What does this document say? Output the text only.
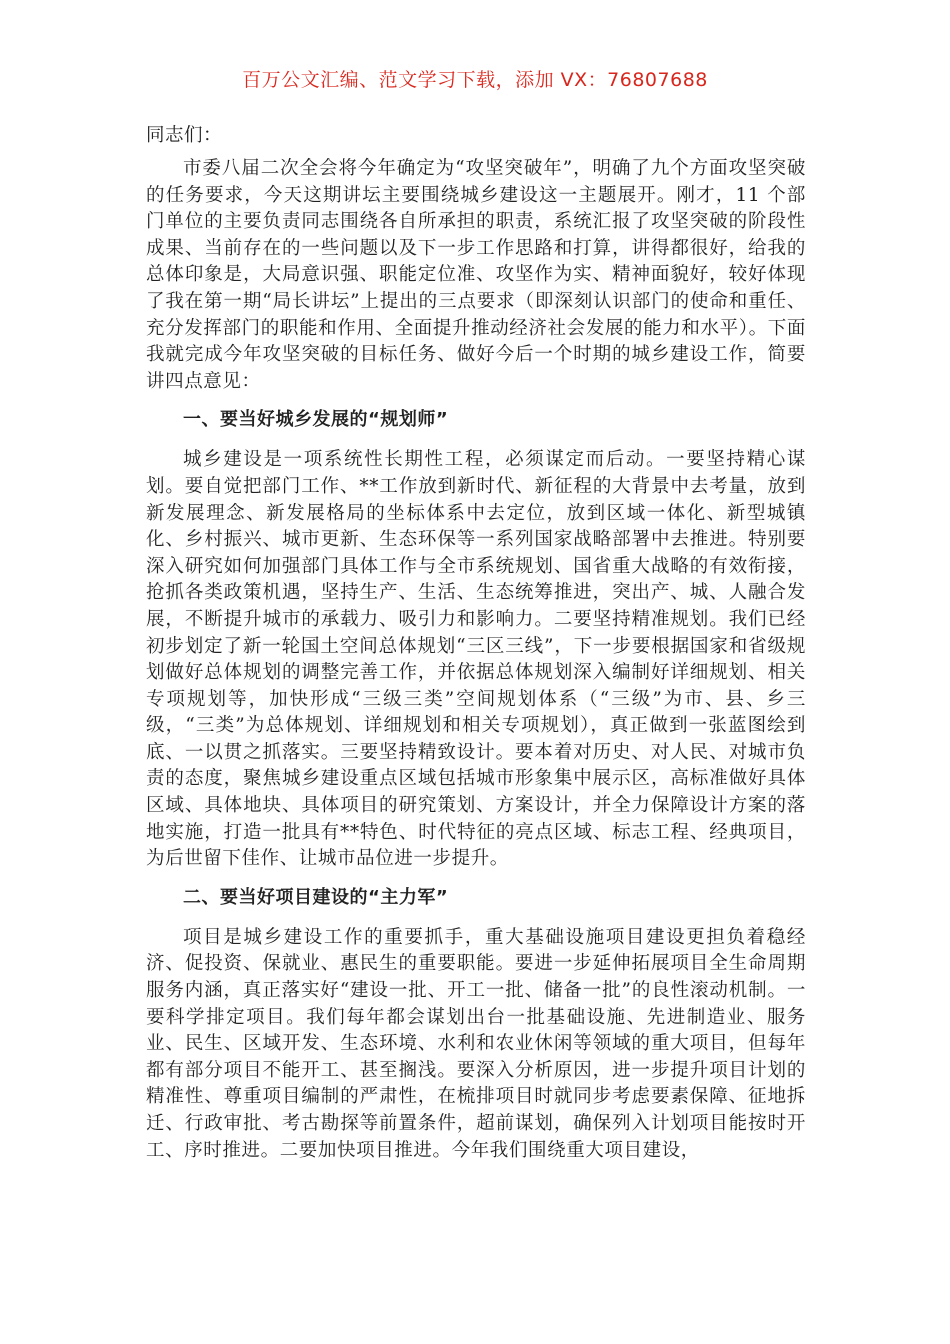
百万公文汇编、范文学习下载，添加 VX：76807688

同志们：

市委八届二次全会将今年确定为“攻坚突破年”，明确了九个方面攻坚突破的任务要求，今天这期讲坛主要围绕城乡建设这一主题展开。刚才，11 个部门单位的主要负责同志围绕各自所承担的职责，系统汇报了攻坚突破的阶段性成果、当前存在的一些问题以及下一步工作思路和打算，讲得都很好，给我的总体印象是，大局意识强、职能定位准、攻坚作为实、精神面貌好，较好体现了我在第一期“局长讲坛”上提出的三点要求（即深刻认识部门的使命和重任、充分发挥部门的职能和作用、全面提升推动经济社会发展的能力和水平）。下面我就完成今年攻坚突破的目标任务、做好今后一个时期的城乡建设工作，简要讲四点意见：

一、要当好城乡发展的“规划师”

城乡建设是一项系统性长期性工程，必须谋定而后动。一要坚持精心谋划。要自觉把部门工作、**工作放到新时代、新征程的大背景中去考量，放到新发展理念、新发展格局的坐标体系中去定位，放到区域一体化、新型城镇化、乡村振兴、城市更新、生态环保等一系列国家战略部署中去推进。特别要深入研究如何加强部门具体工作与全市系统规划、国省重大战略的有效衔接，抢抓各类政策机遇，坚持生产、生活、生态统筹推进，突出产、城、人融合发展，不断提升城市的承载力、吸引力和影响力。二要坚持精准规划。我们已经初步划定了新一轮国土空间总体规划“三区三线”，下一步要根据国家和省级规划做好总体规划的调整完善工作，并依据总体规划深入编制好详细规划、相关专项规划等，加快形成“三级三类”空间规划体系（“三级”为市、县、乡三级，“三类”为总体规划、详细规划和相关专项规划），真正做到一张蓝图绘到底、一以贯之抓落实。三要坚持精致设计。要本着对历史、对人民、对城市负责的态度，聚焦城乡建设重点区域包括城市形象集中展示区，高标准做好具体区域、具体地块、具体项目的研究策划、方案设计，并全力保障设计方案的落地实施，打造一批具有**特色、时代特征的亮点区域、标志工程、经典项目，为后世留下佳作、让城市品位进一步提升。

二、要当好项目建设的“主力军”

项目是城乡建设工作的重要抓手，重大基础设施项目建设更担负着稳经济、促投资、保就业、惠民生的重要职能。要进一步延伸拓展项目全生命周期服务内涵，真正落实好“建设一批、开工一批、储备一批”的良性滚动机制。一要科学排定项目。我们每年都会谋划出台一批基础设施、先进制造业、服务业、民生、区域开发、生态环境、水利和农业休闲等领域的重大项目，但每年都有部分项目不能开工、甚至搁浅。要深入分析原因，进一步提升项目计划的精准性、尊重项目编制的严肃性，在梳排项目时就同步考虑要素保障、征地拆迁、行政审批、考古勘探等前置条件，超前谋划，确保列入计划项目能按时开工、序时推进。二要加快项目推进。今年我们围绕重大项目建设，
